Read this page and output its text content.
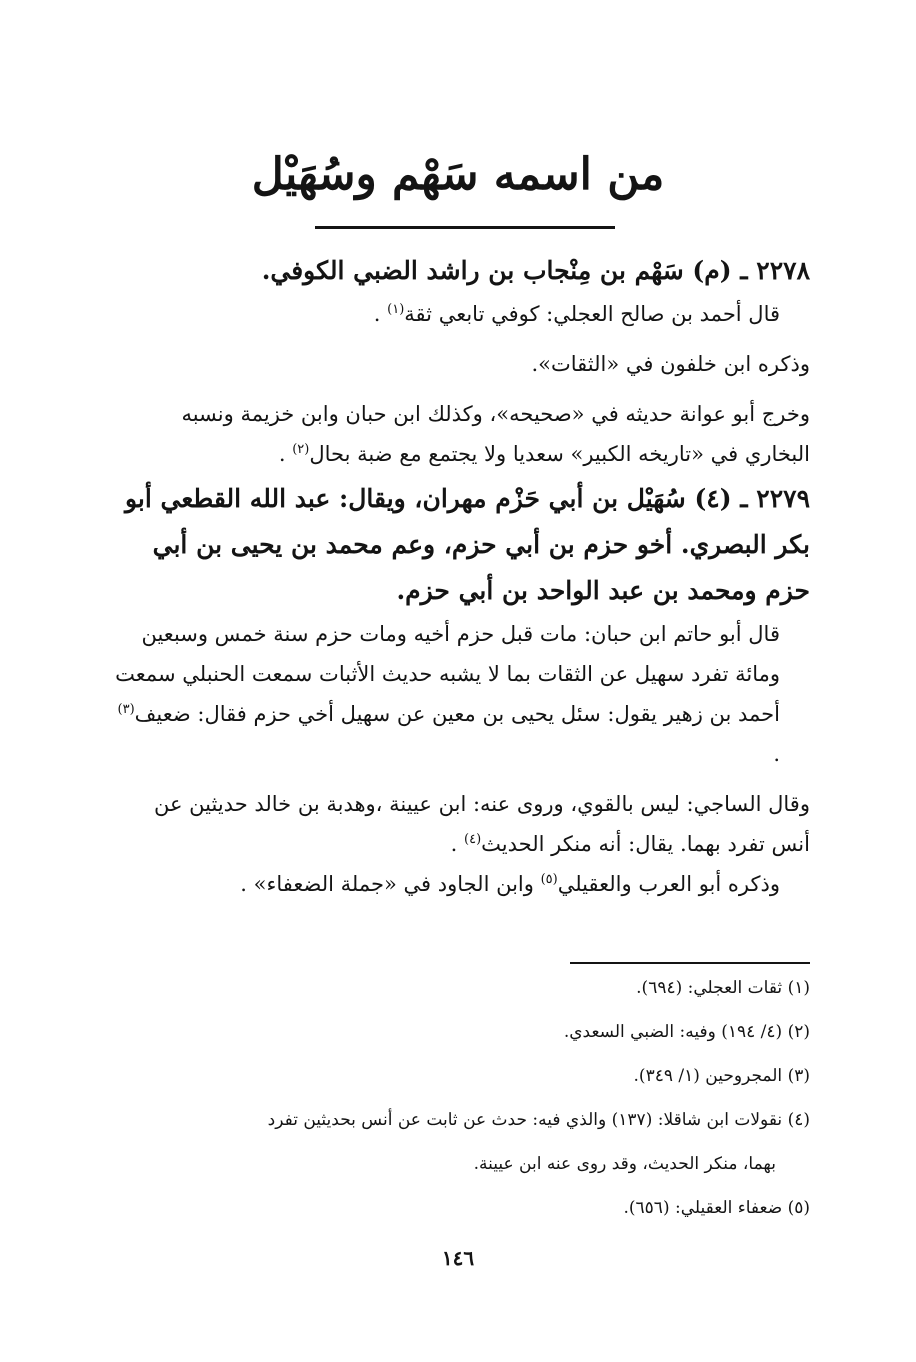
من اسمه سَهْم وسُهَيْل

٢٢٧٨ ـ (م) سَهْم بن مِنْجاب بن راشد الضبي الكوفي.

قال أحمد بن صالح العجلي: كوفي تابعي ثقة$^{(١)}$ .

وذكره ابن خلفون في «الثقات».

وخرج أبو عوانة حديثه في «صحيحه»، وكذلك ابن حبان وابن خزيمة ونسبه البخاري في «تاريخه الكبير» سعديا ولا يجتمع مع ضبة بحال$^{(٢)}$ .

٢٢٧٩ ـ (٤) سُهَيْل بن أبي حَزْم مهران، ويقال: عبد الله القطعي أبو بكر البصري. أخو حزم بن أبي حزم، وعم محمد بن يحيى بن أبي حزم ومحمد بن عبد الواحد بن أبي حزم.

قال أبو حاتم ابن حبان: مات قبل حزم أخيه ومات حزم سنة خمس وسبعين ومائة تفرد سهيل عن الثقات بما لا يشبه حديث الأثبات سمعت الحنبلي سمعت أحمد بن زهير يقول: سئل يحيى بن معين عن سهيل أخي حزم فقال: ضعيف$^{(٣)}$ .

وقال الساجي: ليس بالقوي، وروى عنه: ابن عيينة ،وهدبة بن خالد حديثين عن أنس تفرد بهما. يقال: أنه منكر الحديث$^{(٤)}$ .

وذكره أبو العرب والعقيلي$^{(٥)}$ وابن الجاود في «جملة الضعفاء» .

(١) ثقات العجلي: (٦٩٤).

(٢) (٤/ ١٩٤) وفيه: الضبي السعدي.

(٣) المجروحين (١/ ٣٤٩).

(٤) نقولات ابن شاقلا: (١٣٧) والذي فيه: حدث عن ثابت عن أنس بحديثين تفرد
بهما، منكر الحديث، وقد روى عنه ابن عيينة.

(٥) ضعفاء العقيلي: (٦٥٦).

١٤٦
